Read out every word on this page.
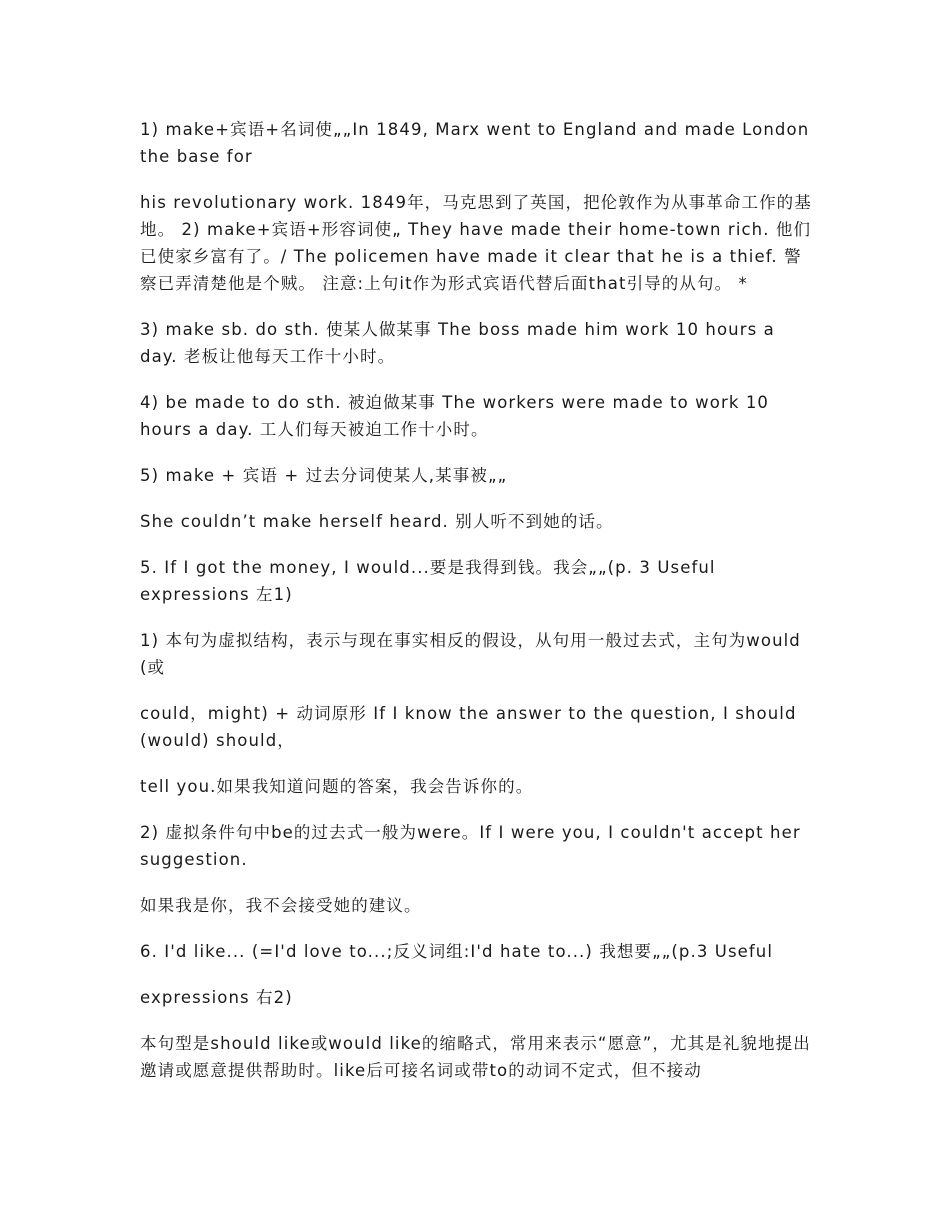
1) make+宾语+名词使„„In 1849, Marx went to England and made London the base for

his revolutionary work. 1849年，马克思到了英国，把伦敦作为从事革命工作的基地。 2) make+宾语+形容词使„ They have made their home-town rich. 他们已使家乡富有了。/ The policemen have made it clear that he is a thief. 警察已弄清楚他是个贼。 注意:上句it作为形式宾语代替后面that引导的从句。 *

3) make sb. do sth. 使某人做某事 The boss made him work 10 hours a day. 老板让他每天工作十小时。

4) be made to do sth. 被迫做某事 The workers were made to work 10 hours a day. 工人们每天被迫工作十小时。

5) make + 宾语 + 过去分词使某人,某事被„„

She couldn’t make herself heard. 别人听不到她的话。

5. If I got the money, I would...要是我得到钱。我会„„(p. 3 Useful expressions 左1)

1) 本句为虚拟结构，表示与现在事实相反的假设，从句用一般过去式，主句为would (或

could，might) + 动词原形 If I know the answer to the question, I should (would) should，

tell you.如果我知道问题的答案，我会告诉你的。

2) 虚拟条件句中be的过去式一般为were。If I were you, I couldn't accept her suggestion.

如果我是你，我不会接受她的建议。

6. I'd like... (=I'd love to...;反义词组:I'd hate to...) 我想要„„(p.3 Useful

expressions 右2)

本句型是should like或would like的缩略式，常用来表示“愿意”，尤其是礼貌地提出邀请或愿意提供帮助时。like后可接名词或带to的动词不定式，但不接动
